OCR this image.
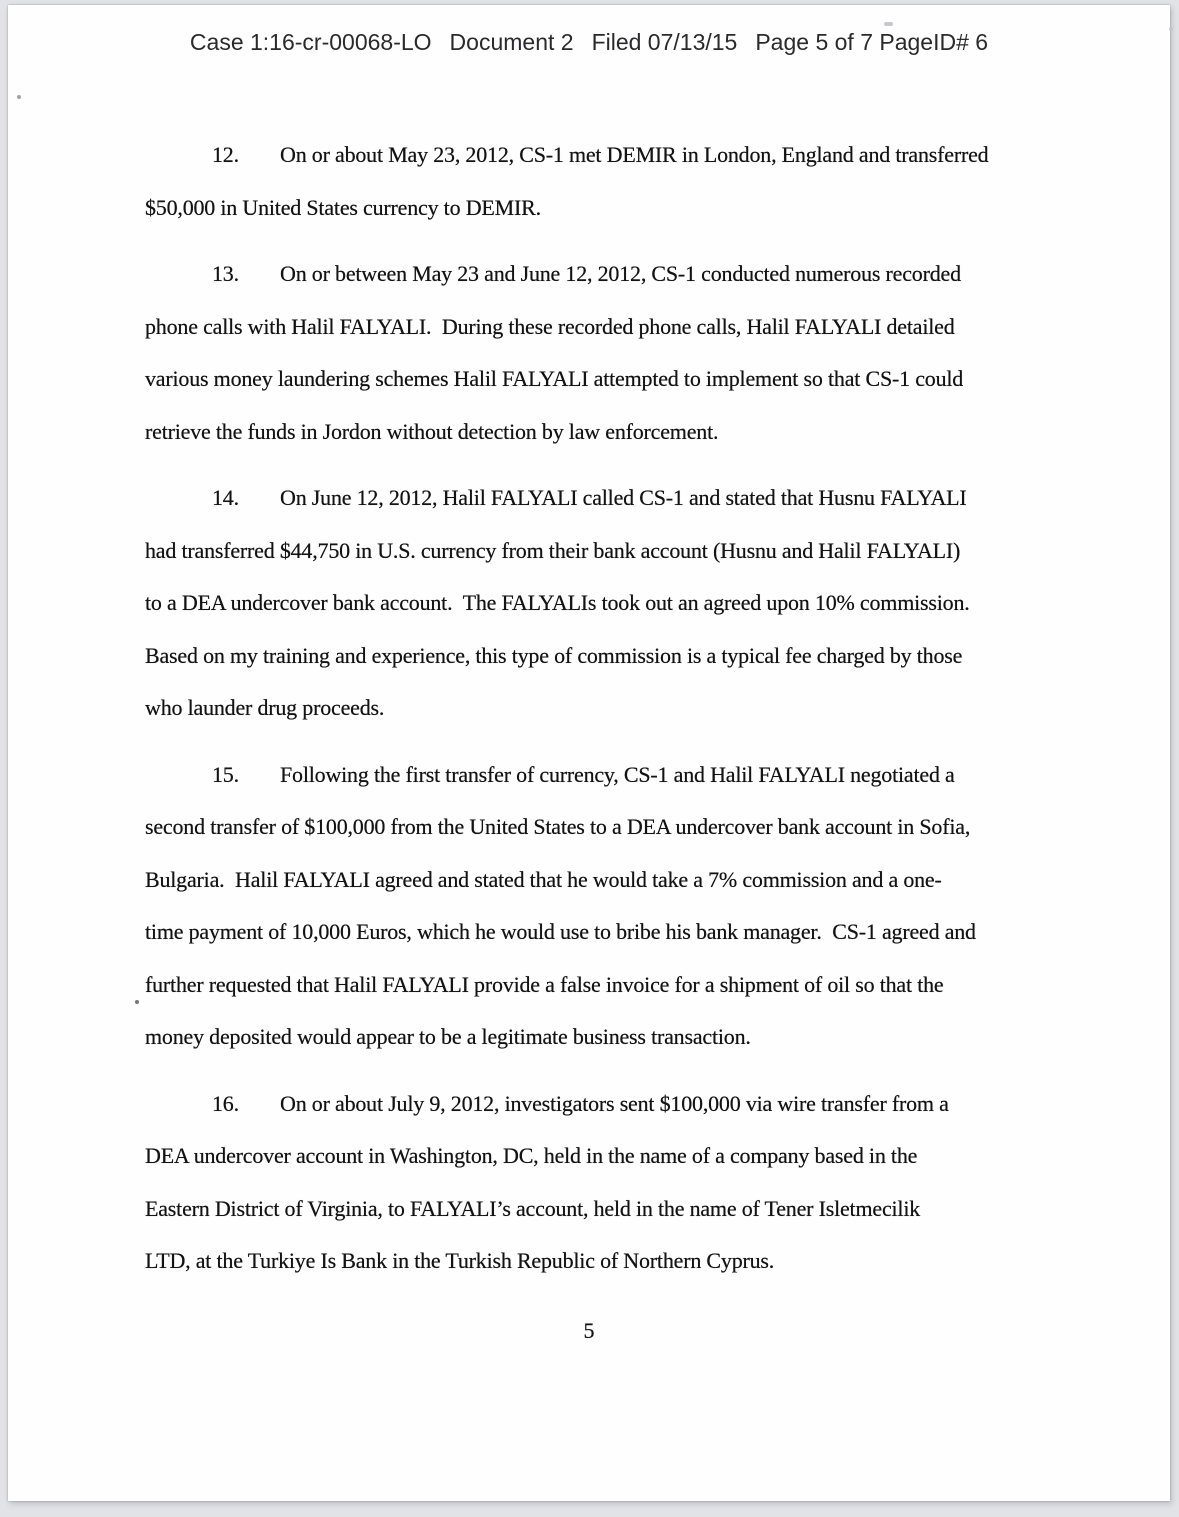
Case 1:16-cr-00068-LO Document 2 Filed 07/13/15 Page 5 of 7 PageID# 6
12. On or about May 23, 2012, CS-1 met DEMIR in London, England and transferred
$50,000 in United States currency to DEMIR.
13. On or between May 23 and June 12, 2012, CS-1 conducted numerous recorded
phone calls with Halil FALYALI.  During these recorded phone calls, Halil FALYALI detailed
various money laundering schemes Halil FALYALI attempted to implement so that CS-1 could
retrieve the funds in Jordon without detection by law enforcement.
14. On June 12, 2012, Halil FALYALI called CS-1 and stated that Husnu FALYALI
had transferred $44,750 in U.S. currency from their bank account (Husnu and Halil FALYALI)
to a DEA undercover bank account.  The FALYALIs took out an agreed upon 10% commission.
Based on my training and experience, this type of commission is a typical fee charged by those
who launder drug proceeds.
15. Following the first transfer of currency, CS-1 and Halil FALYALI negotiated a
second transfer of $100,000 from the United States to a DEA undercover bank account in Sofia,
Bulgaria.  Halil FALYALI agreed and stated that he would take a 7% commission and a one-
time payment of 10,000 Euros, which he would use to bribe his bank manager.  CS-1 agreed and
further requested that Halil FALYALI provide a false invoice for a shipment of oil so that the
money deposited would appear to be a legitimate business transaction.
16. On or about July 9, 2012, investigators sent $100,000 via wire transfer from a
DEA undercover account in Washington, DC, held in the name of a company based in the
Eastern District of Virginia, to FALYALI’s account, held in the name of Tener Isletmecilik
LTD, at the Turkiye Is Bank in the Turkish Republic of Northern Cyprus.
5
